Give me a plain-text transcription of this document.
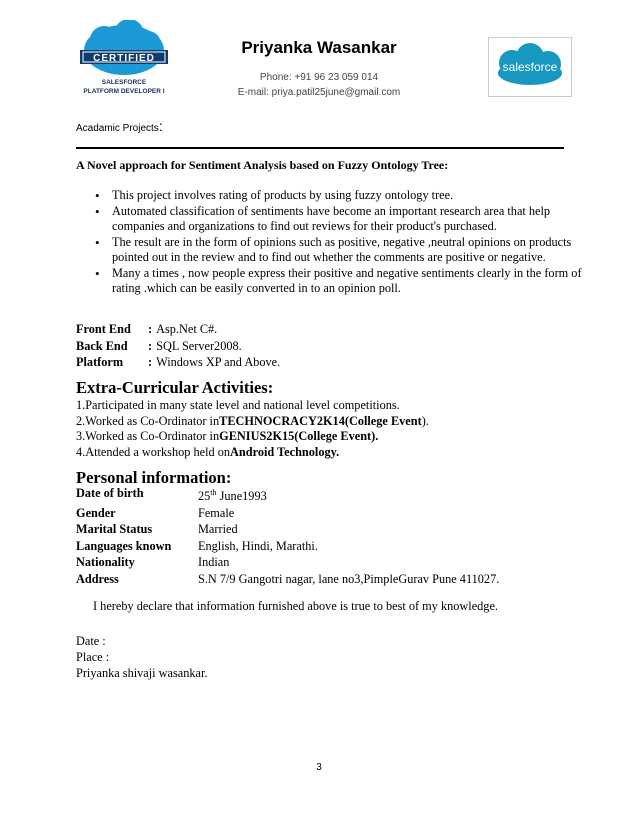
CERTIFIED
SALESFORCE
PLATFORM DEVELOPER I
salesforce
Priyanka Wasankar
Phone: +91 96 23 059 014
E-mail: priya.patil25june@gmail.com
Acadamic Projects:
A Novel approach for Sentiment Analysis based on Fuzzy Ontology Tree:
• This project involves rating of products by using fuzzy ontology tree.
• Automated classification of sentiments have become an important research area that help companies and organizations to find out reviews for their product's purchased.
• The result are in the form of opinions such as positive, negative ,neutral opinions on products pointed out in the review and to find out whether the comments are positive or negative.
• Many a times , now people express their positive and negative sentiments clearly in the form of rating .which can be easily converted in to an opinion poll.
Front End	: Asp.Net C#.
Back End	: SQL Server2008.
Platform	: Windows XP and Above.
Extra-Curricular Activities:
1.Participated in many state level and national level competitions.
2.Worked as Co-Ordinator inTECHNOCRACY2K14(College Event).
3.Worked as Co-Ordinator inGENIUS2K15(College Event).
4.Attended a workshop held onAndroid Technology.
Personal information:
Date of birth	25th June1993
Gender	Female
Marital Status	Married
Languages known	English, Hindi, Marathi.
Nationality	Indian
Address	S.N 7/9 Gangotri nagar, lane no3,PimpleGurav Pune 411027.
I hereby declare that information furnished above is true to best of my knowledge.
Date :
Place :
Priyanka shivaji wasankar.
3
